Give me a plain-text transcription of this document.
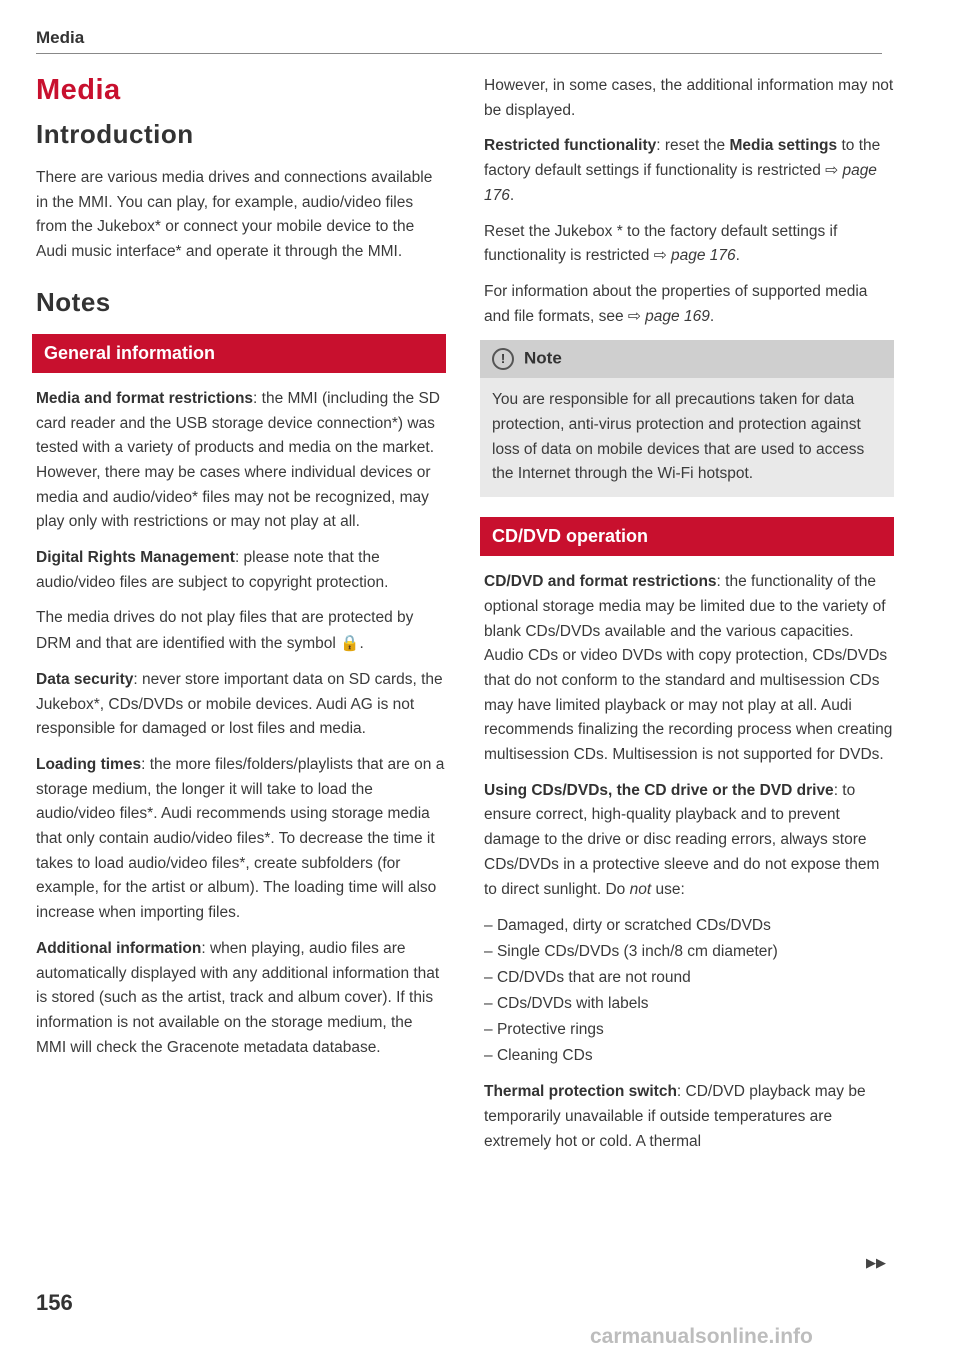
Media
Media
Introduction

There are various media drives and connections available in the MMI. You can play, for example, audio/video files from the Jukebox* or connect your mobile device to the Audi music interface* and operate it through the MMI.

Notes
General information

Media and format restrictions: the MMI (including the SD card reader and the USB storage device connection*) was tested with a variety of products and media on the market. However, there may be cases where individual devices or media and audio/video* files may not be recognized, may play only with restrictions or may not play at all.

Digital Rights Management: please note that the audio/video files are subject to copyright protection.

The media drives do not play files that are protected by DRM and that are identified with the symbol 🔒.

Data security: never store important data on SD cards, the Jukebox*, CDs/DVDs or mobile devices. Audi AG is not responsible for damaged or lost files and media.

Loading times: the more files/folders/playlists that are on a storage medium, the longer it will take to load the audio/video files*. Audi recommends using storage media that only contain audio/video files*. To decrease the time it takes to load audio/video files*, create subfolders (for example, for the artist or album). The loading time will also increase when importing files.

Additional information: when playing, audio files are automatically displayed with any additional information that is stored (such as the artist, track and album cover). If this information is not available on the storage medium, the MMI will check the Gracenote metadata database.

However, in some cases, the additional information may not be displayed.

Restricted functionality: reset the Media settings to the factory default settings if functionality is restricted ⇨ page 176.

Reset the Jukebox * to the factory default settings if functionality is restricted ⇨ page 176.

For information about the properties of supported media and file formats, see ⇨ page 169.

! Note

You are responsible for all precautions taken for data protection, anti-virus protection and protection against loss of data on mobile devices that are used to access the Internet through the Wi-Fi hotspot.

CD/DVD operation

CD/DVD and format restrictions: the functionality of the optional storage media may be limited due to the variety of blank CDs/DVDs available and the various capacities. Audio CDs or video DVDs with copy protection, CDs/DVDs that do not conform to the standard and multisession CDs may have limited playback or may not play at all. Audi recommends finalizing the recording process when creating multisession CDs. Multisession is not supported for DVDs.

Using CDs/DVDs, the CD drive or the DVD drive: to ensure correct, high-quality playback and to prevent damage to the drive or disc reading errors, always store CDs/DVDs in a protective sleeve and do not expose them to direct sunlight. Do not use:

– Damaged, dirty or scratched CDs/DVDs
– Single CDs/DVDs (3 inch/8 cm diameter)
– CD/DVDs that are not round
– CDs/DVDs with labels
– Protective rings
– Cleaning CDs

Thermal protection switch: CD/DVD playback may be temporarily unavailable if outside temperatures are extremely hot or cold. A thermal

▶▶
156
carmanualsonline.info
